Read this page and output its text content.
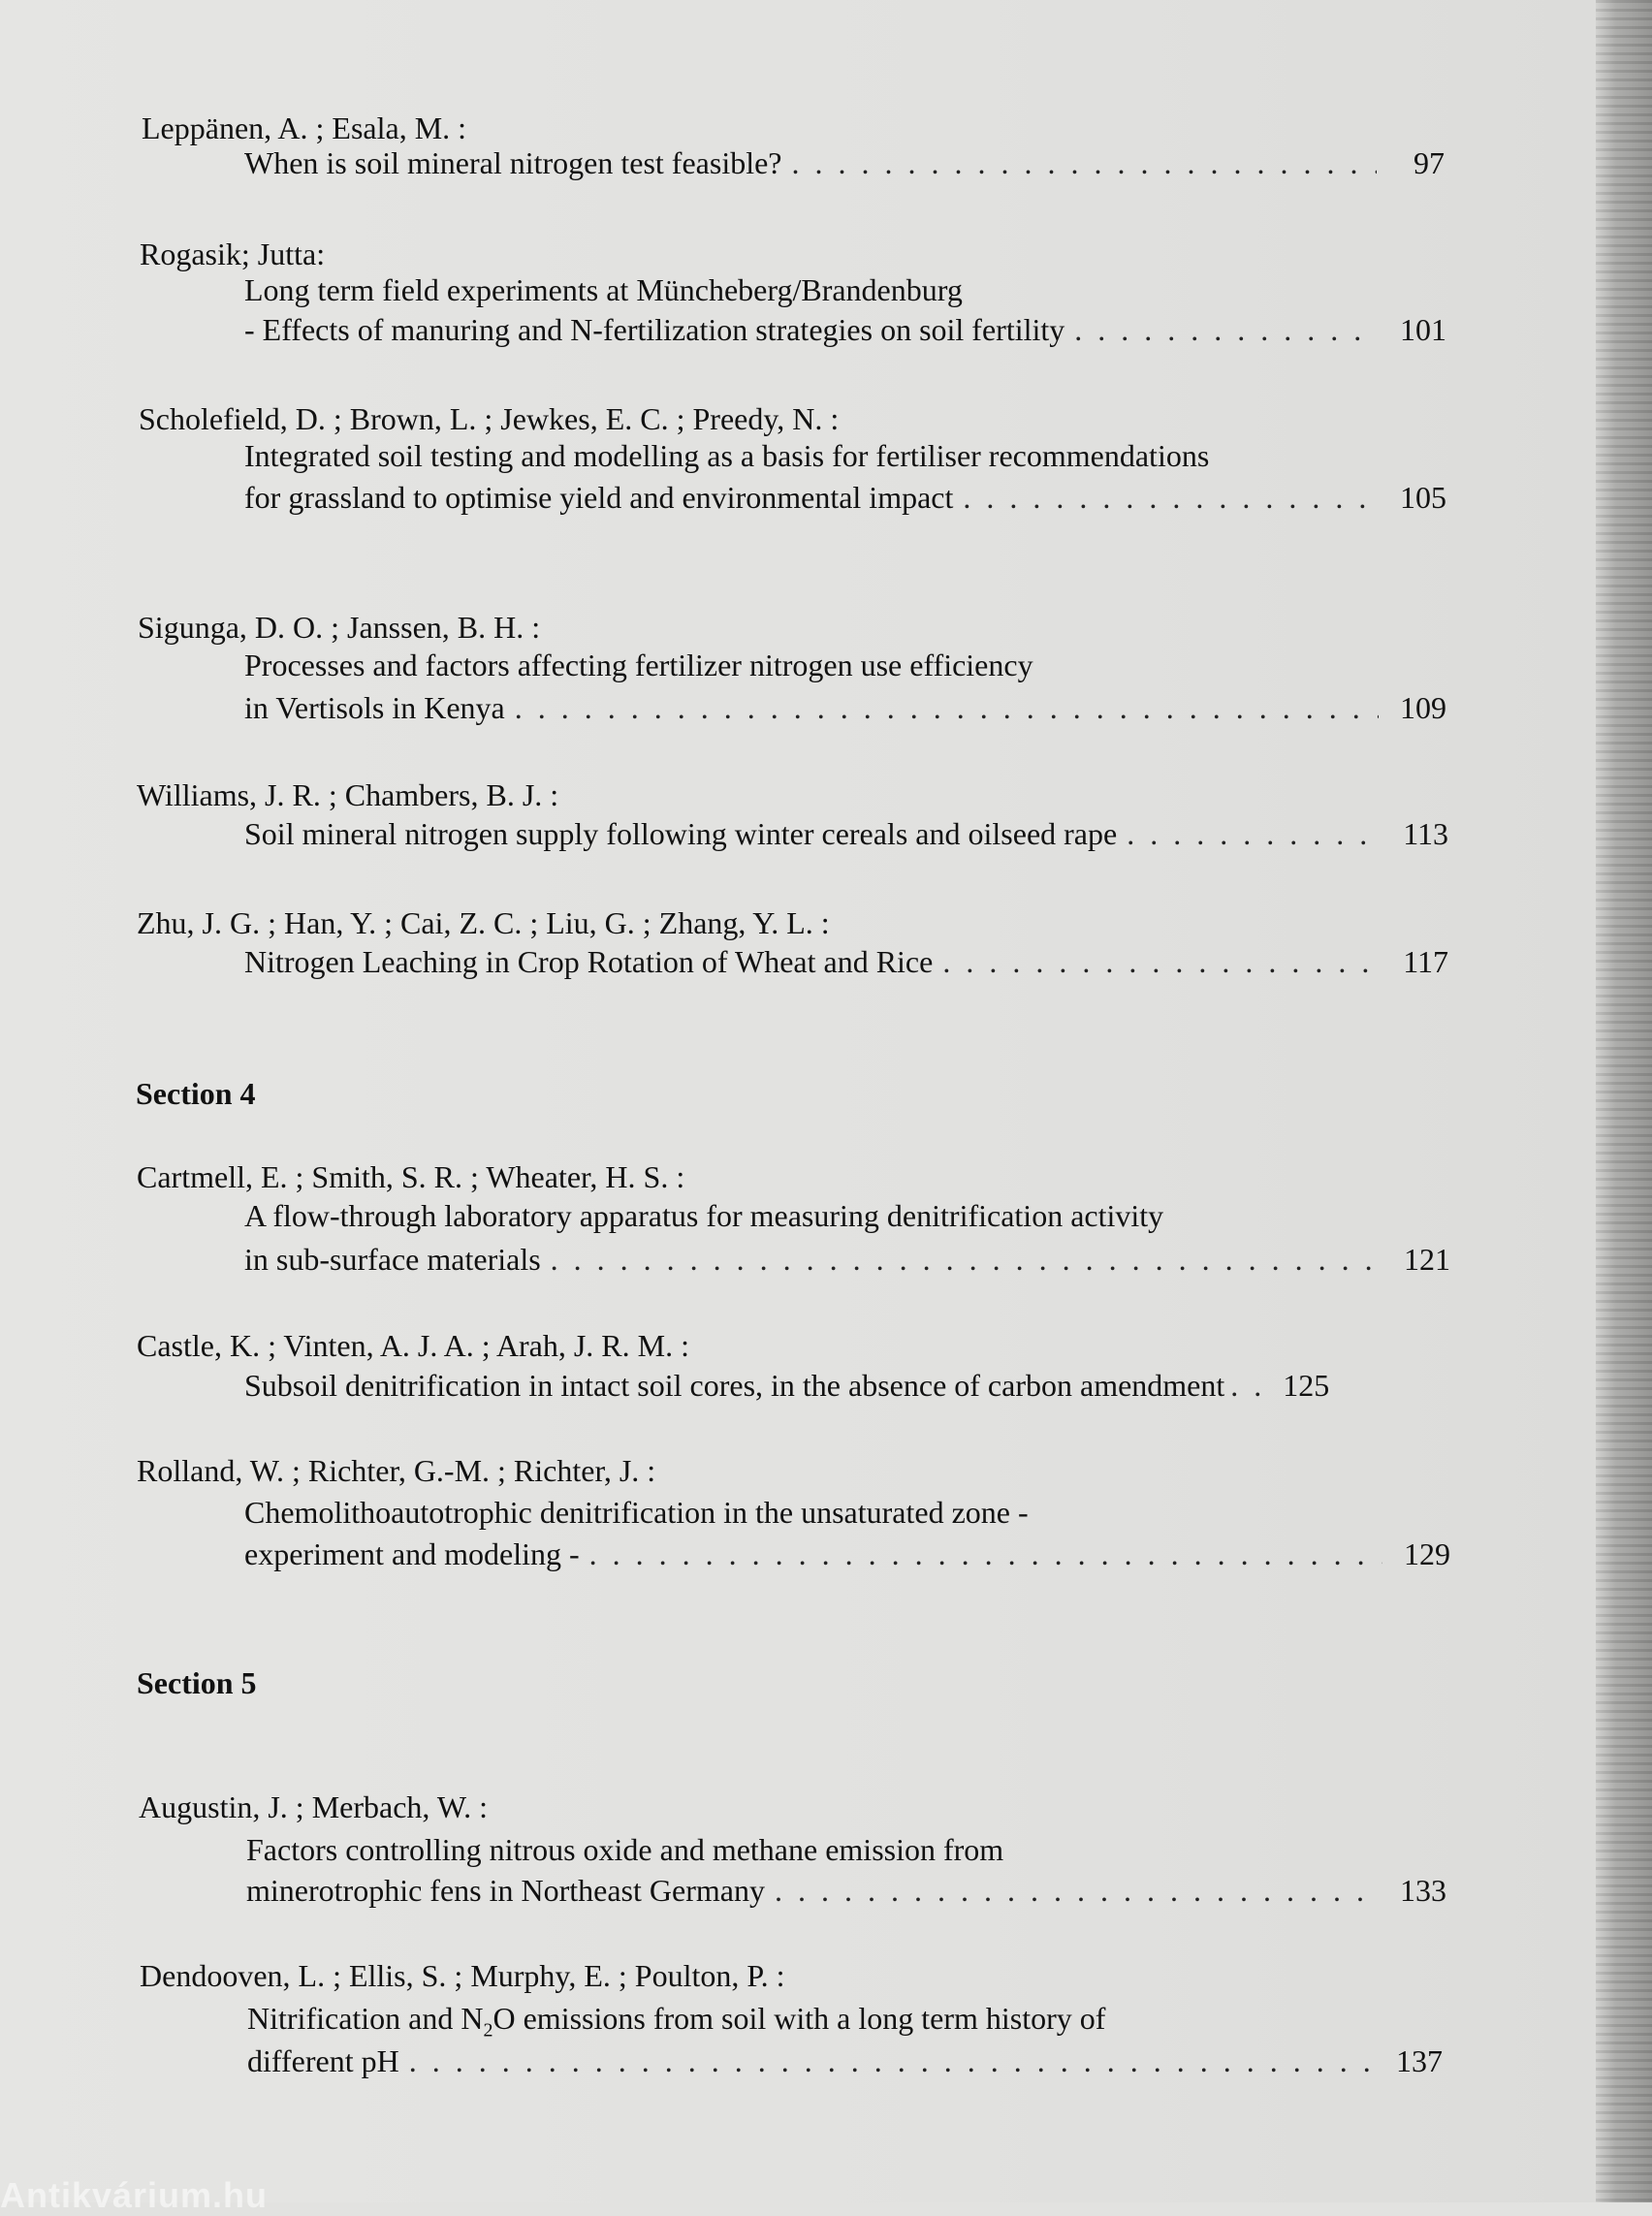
Leppänen, A. ; Esala, M. :
When is soil mineral nitrogen test feasible? . . .	97
Rogasik; Jutta:
Long term field experiments at Müncheberg/Brandenburg
- Effects of manuring and N-fertilization strategies on soil fertility . . .	101
Scholefield, D. ; Brown, L. ; Jewkes, E. C. ; Preedy, N. :
Integrated soil testing and modelling as a basis for fertiliser recommendations
for grassland to optimise yield and environmental impact . . .	105
Sigunga, D. O. ; Janssen, B. H. :
Processes and factors affecting fertilizer nitrogen use efficiency
in Vertisols in Kenya . . .	109
Williams, J. R. ; Chambers, B. J. :
Soil mineral nitrogen supply following winter cereals and oilseed rape . . .	113
Zhu, J. G. ; Han, Y. ; Cai, Z. C. ; Liu, G. ; Zhang, Y. L. :
Nitrogen Leaching in Crop Rotation of Wheat and Rice . . .	117
Section 4
Cartmell, E. ; Smith, S. R. ; Wheater, H. S. :
A flow-through laboratory apparatus for measuring denitrification activity
in sub-surface materials . . .	121
Castle, K. ; Vinten, A. J. A. ; Arah, J. R. M. :
Subsoil denitrification in intact soil cores, in the absence of carbon amendment . . .	125
Rolland, W. ; Richter, G.-M. ; Richter, J. :
Chemolithoautotrophic denitrification in the unsaturated zone -
experiment and modeling - . . .	129
Section 5
Augustin, J. ; Merbach, W. :
Factors controlling nitrous oxide and methane emission from
minerotrophic fens in Northeast Germany . . .	133
Dendooven, L. ; Ellis, S. ; Murphy, E. ; Poulton, P. :
Nitrification and $N_2O$ emissions from soil with a long term history of
different pH . . .	137
Antikvárium.hu
